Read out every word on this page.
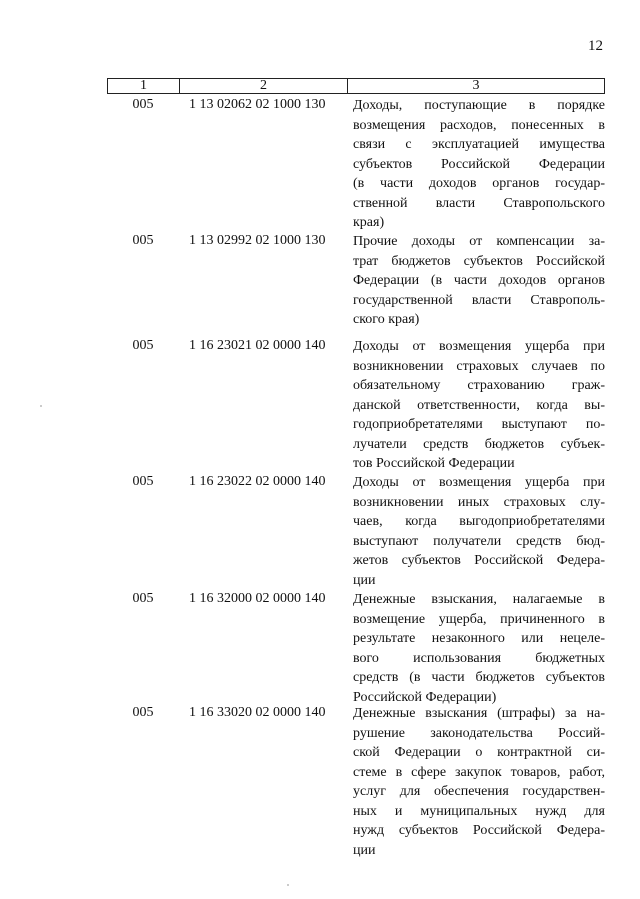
12
1	2	3
005	1 13 02062 02 1000 130	Доходы, поступающие в порядке
возмещения расходов, понесенных в
связи с эксплуатацией имущества
субъектов Российской Федерации
(в части доходов органов государ-
ственной власти Ставропольского
края)
005	1 13 02992 02 1000 130	Прочие доходы от компенсации за-
трат бюджетов субъектов Российской
Федерации (в части доходов органов
государственной власти Ставрополь-
ского края)
005	1 16 23021 02 0000 140	Доходы от возмещения ущерба при
возникновении страховых случаев по
обязательному страхованию граж-
данской ответственности, когда вы-
годоприобретателями выступают по-
лучатели средств бюджетов субъек-
тов Российской Федерации
005	1 16 23022 02 0000 140	Доходы от возмещения ущерба при
возникновении иных страховых слу-
чаев, когда выгодоприобретателями
выступают получатели средств бюд-
жетов субъектов Российской Федера-
ции
005	1 16 32000 02 0000 140	Денежные взыскания, налагаемые в
возмещение ущерба, причиненного в
результате незаконного или нецеле-
вого использования бюджетных
средств (в части бюджетов субъектов
Российской Федерации)
005	1 16 33020 02 0000 140	Денежные взыскания (штрафы) за на-
рушение законодательства Россий-
ской Федерации о контрактной си-
стеме в сфере закупок товаров, работ,
услуг для обеспечения государствен-
ных и муниципальных нужд для
нужд субъектов Российской Федера-
ции
